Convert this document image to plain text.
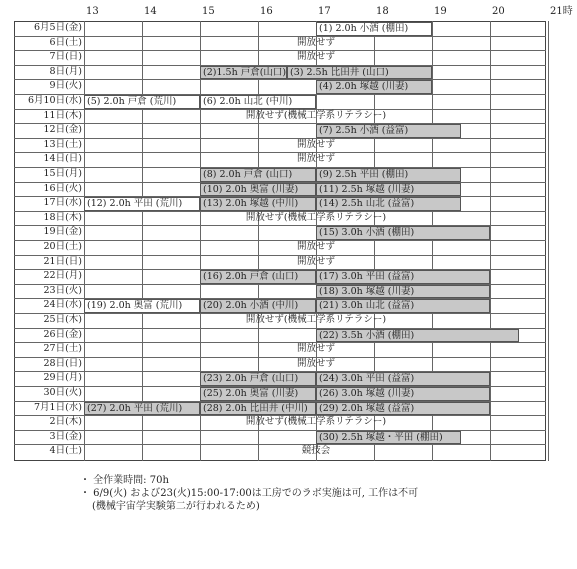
13	14	15	16	17	18	19	20	21時
6月5日(金)	(1) 2.0h 小酒 (棚田)
6日(土)	開放せず
7日(日)	開放せず
8日(月)	(2)1.5h 戸倉(山口) (3) 2.5h 比田井 (山口)
9日(火)	(4) 2.0h 塚越 (川妻)
6月10日(水) (5) 2.0h 戸倉 (荒川)	(6) 2.0h 山北 (中川)
11日(木)	開放せず(機械工学系リテラシー)
12日(金)	(7) 2.5h 小酒 (益富)
13日(土)	開放せず
14日(日)	開放せず
15日(月)	(8) 2.0h 戸倉 (山口)	(9) 2.5h 平田 (棚田)
16日(火)	(10) 2.0h 奥富 (川妻)	(11) 2.5h 塚越 (川妻)
17日(水) (12) 2.0h 平田 (荒川)	(13) 2.0h 塚越 (中川)	(14) 2.5h 山北 (益富)
18日(木)	開放せず(機械工学系リテラシー)
19日(金)	(15) 3.0h 小酒 (棚田)
20日(土)	開放せず
21日(日)	開放せず
22日(月)	(16) 2.0h 戸倉 (山口)	(17) 3.0h 平田 (益富)
23日(火)	(18) 3.0h 塚越 (川妻)
24日(水) (19) 2.0h 奥富 (荒川)	(20) 2.0h 小酒 (中川)	(21) 3.0h 山北 (益富)
25日(木)	開放せず(機械工学系リテラシー)
26日(金)	(22) 3.5h 小酒 (棚田)
27日(土)	開放せず
28日(日)	開放せず
29日(月)	(23) 2.0h 戸倉 (山口)	(24) 3.0h 平田 (益富)
30日(火)	(25) 2.0h 奥富 (川妻)	(26) 3.0h 塚越 (川妻)
7月1日(水) (27) 2.0h 平田 (荒川)	(28) 2.0h 比田井 (中川)	(29) 2.0h 塚越 (益富)
2日(木)	開放せず(機械工学系リテラシー)
3日(金)	(30) 2.5h 塚越・平田 (棚田)
4日(土)	競技会
・ 全作業時間: 70h
・ 6/9(火) および23(火)15:00-17:00は工房でのラボ実施は可, 工作は不可
(機械宇宙学実験第二が行われるため)
